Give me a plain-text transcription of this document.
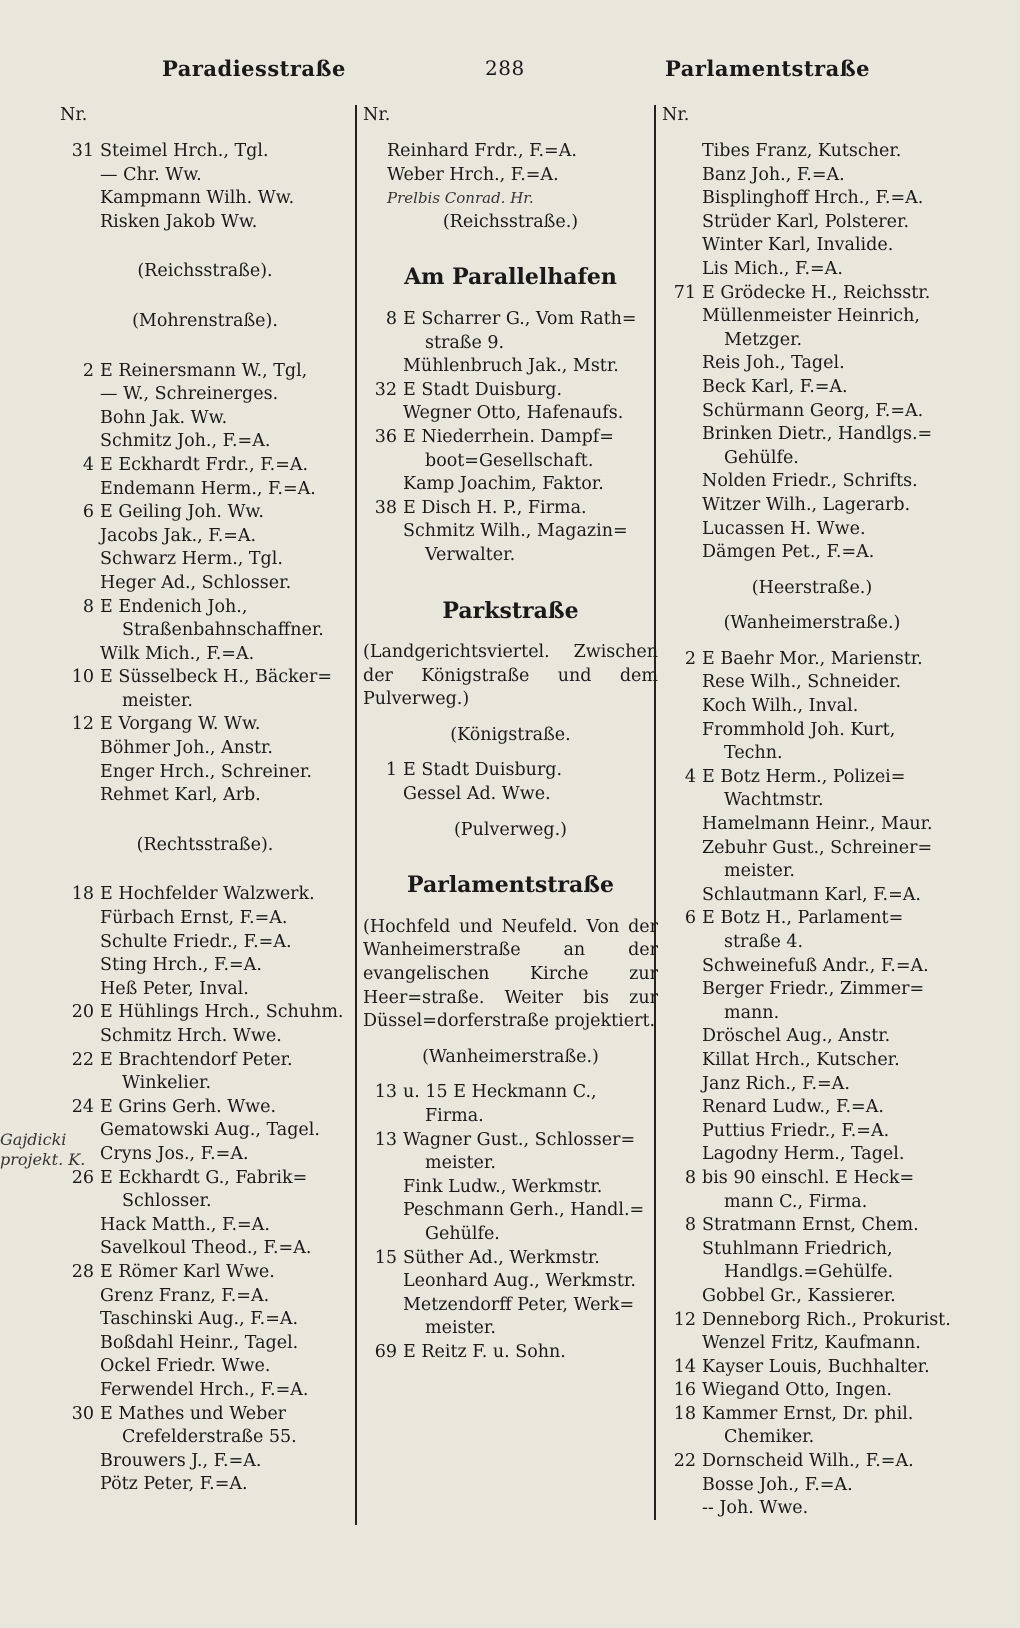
Paradiesstraße	288	Parlamentstraße
Nr.
31 Steimel Hrch., Tgl.
— Chr. Ww.
Kampmann Wilh. Ww.
Risken Jakob Ww.
(Reichsstraße).
(Mohrenstraße).
2 E Reinersmann W., Tgl,
— W., Schreinerges.
Bohn Jak. Ww.
Schmitz Joh., F.=A.
4 E Eckhardt Frdr., F.=A.
Endemann Herm., F.=A.
6 E Geiling Joh. Ww.
Jacobs Jak., F.=A.
Schwarz Herm., Tgl.
Heger Ad., Schlosser.
8 E Endenich Joh.,
Straßenbahnschaffner.
Wilk Mich., F.=A.
10 E Süsselbeck H., Bäcker=
meister.
12 E Vorgang W. Ww.
Böhmer Joh., Anstr.
Enger Hrch., Schreiner.
Rehmet Karl, Arb.
(Rechtsstraße).
18 E Hochfelder Walzwerk.
Fürbach Ernst, F.=A.
Schulte Friedr., F.=A.
Sting Hrch., F.=A.
Heß Peter, Inval.
20 E Hühlings Hrch., Schuhm.
Schmitz Hrch. Wwe.
22 E Brachtendorf Peter.
Winkelier.
24 E Grins Gerh. Wwe.
Gematowski Aug., Tagel.
Cryns Jos., F.=A.
26 E Eckhardt G., Fabrik=
Schlosser.
Hack Matth., F.=A.
Savelkoul Theod., F.=A.
28 E Römer Karl Wwe.
Grenz Franz, F.=A.
Taschinski Aug., F.=A.
Boßdahl Heinr., Tagel.
Ockel Friedr. Wwe.
Ferwendel Hrch., F.=A.
30 E Mathes und Weber
Crefelderstraße 55.
Brouwers J., F.=A.
Pötz Peter, F.=A.
Gajdicki
projekt. K.
Nr.
Reinhard Frdr., F.=A.
Weber Hrch., F.=A.
Prelbis Conrad. Hr.
(Reichsstraße.)
Am Parallelhafen
8 E Scharrer G., Vom Rath=
straße 9.
Mühlenbruch Jak., Mstr.
32 E Stadt Duisburg.
Wegner Otto, Hafenaufs.
36 E Niederrhein. Dampf=
boot=Gesellschaft.
Kamp Joachim, Faktor.
38 E Disch H. P., Firma.
Schmitz Wilh., Magazin=
Verwalter.
Parkstraße
(Landgerichtsviertel. Zwischen der Königstraße und dem Pulverweg.)
(Königstraße.
1 E Stadt Duisburg.
Gessel Ad. Wwe.
(Pulverweg.)
Parlamentstraße
(Hochfeld und Neufeld. Von der Wanheimerstraße an der evangelischen Kirche zur Heer=straße. Weiter bis zur Düssel=dorferstraße projektiert.
(Wanheimerstraße.)
13 u. 15 E Heckmann C.,
Firma.
13 Wagner Gust., Schlosser=
meister.
Fink Ludw., Werkmstr.
Peschmann Gerh., Handl.=
Gehülfe.
15 Süther Ad., Werkmstr.
Leonhard Aug., Werkmstr.
Metzendorff Peter, Werk=
meister.
69 E Reitz F. u. Sohn.
Nr.
Tibes Franz, Kutscher.
Banz Joh., F.=A.
Bisplinghoff Hrch., F.=A.
Strüder Karl, Polsterer.
Winter Karl, Invalide.
Lis Mich., F.=A.
71 E Grödecke H., Reichsstr.
Müllenmeister Heinrich,
Metzger.
Reis Joh., Tagel.
Beck Karl, F.=A.
Schürmann Georg, F.=A.
Brinken Dietr., Handlgs.=
Gehülfe.
Nolden Friedr., Schrifts.
Witzer Wilh., Lagerarb.
Lucassen H. Wwe.
Dämgen Pet., F.=A.
(Heerstraße.)
(Wanheimerstraße.)
2 E Baehr Mor., Marienstr.
Rese Wilh., Schneider.
Koch Wilh., Inval.
Frommhold Joh. Kurt,
Techn.
4 E Botz Herm., Polizei=
Wachtmstr.
Hamelmann Heinr., Maur.
Zebuhr Gust., Schreiner=
meister.
Schlautmann Karl, F.=A.
6 E Botz H., Parlament=
straße 4.
Schweinefuß Andr., F.=A.
Berger Friedr., Zimmer=
mann.
Dröschel Aug., Anstr.
Killat Hrch., Kutscher.
Janz Rich., F.=A.
Renard Ludw., F.=A.
Puttius Friedr., F.=A.
Lagodny Herm., Tagel.
8 bis 90 einschl. E Heck=
mann C., Firma.
8 Stratmann Ernst, Chem.
Stuhlmann Friedrich,
Handlgs.=Gehülfe.
Gobbel Gr., Kassierer.
12 Denneborg Rich., Prokurist.
Wenzel Fritz, Kaufmann.
14 Kayser Louis, Buchhalter.
16 Wiegand Otto, Ingen.
18 Kammer Ernst, Dr. phil.
Chemiker.
22 Dornscheid Wilh., F.=A.
Bosse Joh., F.=A.
-- Joh. Wwe.
